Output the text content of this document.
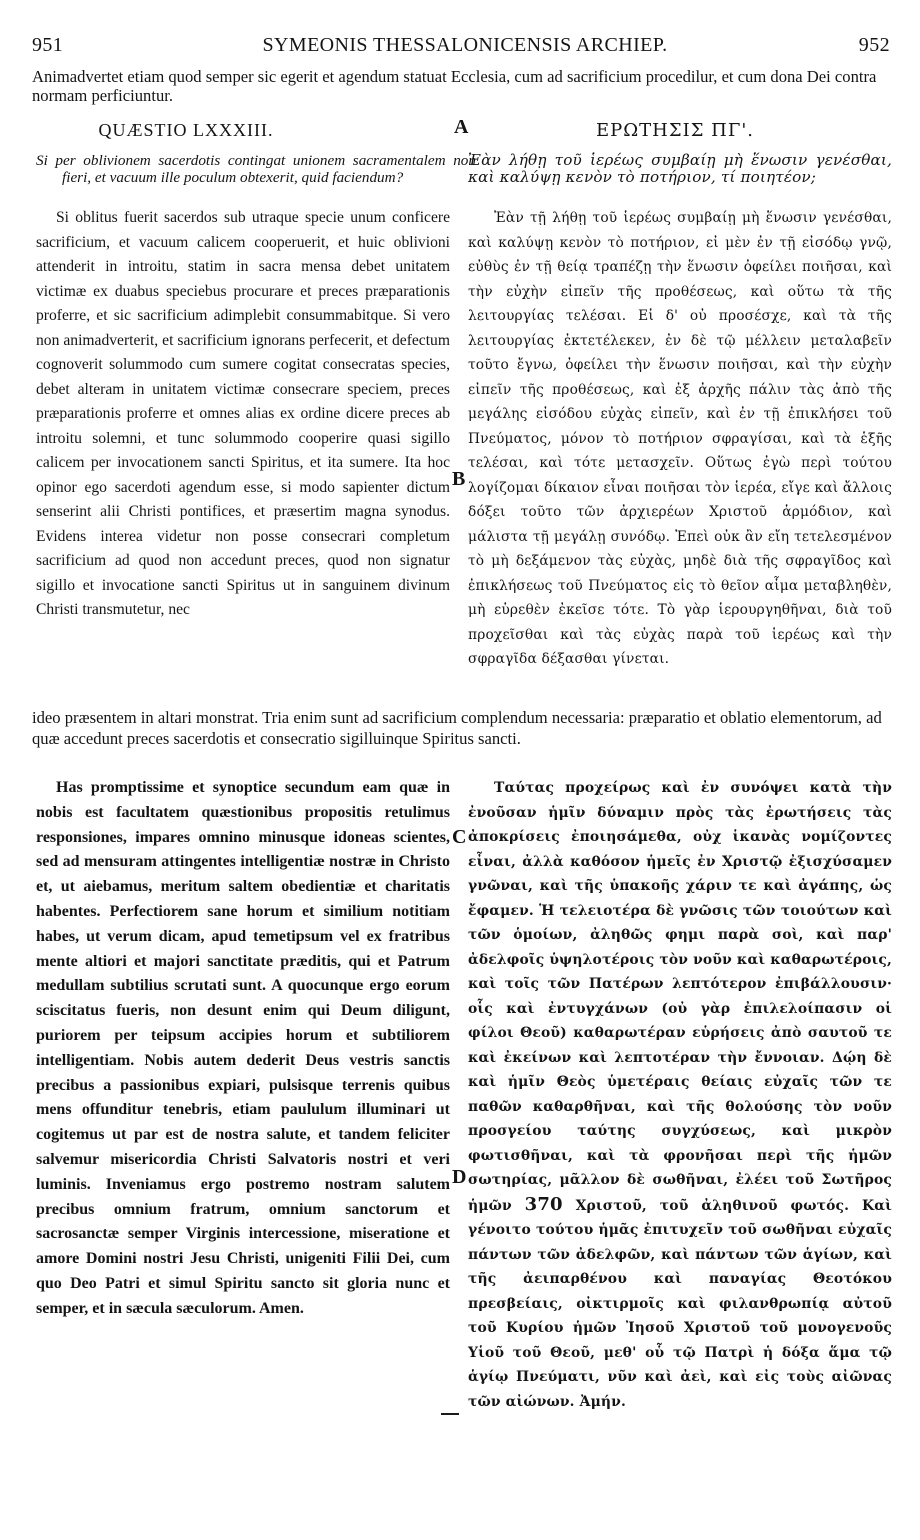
951	SYMEONIS THESSALONICENSIS ARCHIEP.	952

Animadvertet etiam quod semper sic egerit et agendum statuat Ecclesia, cum ad sacrificium procedilur, et cum dona Dei contra normam perficiuntur.

QUÆSTIO LXXXIII.	ΕΡΩΤΗΣΙΣ ΠΓ'.

Si per oblivionem sacerdotis contingat unionem sacramentalem non fieri, et vacuum ille poculum obtexerit, quid faciendum?

Ἐὰν λήθῃ τοῦ ἱερέως συμβαίῃ μὴ ἕνωσιν γενέσθαι, καὶ καλύψῃ κενὸν τὸ ποτήριον, τί ποιητέον;

Si oblitus fuerit sacerdos sub utraque specie unum conficere sacrificium, et vacuum calicem cooperuerit, et huic oblivioni attenderit in introitu, statim in sacra mensa debet unitatem victimæ ex duabus speciebus procurare et preces præparationis proferre, et sic sacrificium adimplebit consummabitque. Si vero non animadverterit, et sacrificium ignorans perfecerit, et defectum cognoverit solummodo cum sumere cogitat consecratas species, debet alteram in unitatem victimæ consecrare speciem, preces præparationis proferre et omnes alias ex ordine dicere preces ab introitu solemni, et tunc solummodo cooperire quasi sigillo calicem per invocationem sancti Spiritus, et ita sumere. Ita hoc opinor ego sacerdoti agendum esse, si modo sapienter dictum senserint alii Christi pontifices, et præsertim magna synodus. Evidens interea videtur non posse consecrari completum sacrificium ad quod non accedunt preces, quod non signatur sigillo et invocatione sancti Spiritus ut in sanguinem divinum Christi transmutetur, nec

Ἐὰν τῇ λήθῃ τοῦ ἱερέως συμβαίῃ μὴ ἕνωσιν γενέσθαι, καὶ καλύψῃ κενὸν τὸ ποτήριον, εἰ μὲν ἐν τῇ εἰσόδῳ γνῷ, εὐθὺς ἐν τῇ θείᾳ τραπέζῃ τὴν ἕνωσιν ὀφείλει ποιῆσαι, καὶ τὴν εὐχὴν εἰπεῖν τῆς προθέσεως, καὶ οὕτω τὰ τῆς λειτουργίας τελέσαι. Εἰ δ' οὐ προσέσχε, καὶ τὰ τῆς λειτουργίας ἐκτετέλεκεν, ἐν δὲ τῷ μέλλειν μεταλαβεῖν τοῦτο ἔγνω, ὀφείλει τὴν ἕνωσιν ποιῆσαι, καὶ τὴν εὐχὴν εἰπεῖν τῆς προθέσεως, καὶ ἐξ ἀρχῆς πάλιν τὰς ἀπὸ τῆς μεγάλης εἰσόδου εὐχὰς εἰπεῖν, καὶ ἐν τῇ ἐπικλήσει τοῦ Πνεύματος, μόνον τὸ ποτήριον σφραγίσαι, καὶ τὰ ἑξῆς τελέσαι, καὶ τότε μετασχεῖν. Οὕτως ἐγὼ περὶ τούτου λογίζομαι δίκαιον εἶναι ποιῆσαι τὸν ἱερέα, εἴγε καὶ ἄλλοις δόξει τοῦτο τῶν ἀρχιερέων Χριστοῦ ἁρμόδιον, καὶ μάλιστα τῇ μεγάλῃ συνόδῳ. Ἐπεὶ οὐκ ἂν εἴη τετελεσμένον τὸ μὴ δεξάμενον τὰς εὐχὰς, μηδὲ διὰ τῆς σφραγῖδος καὶ ἐπικλήσεως τοῦ Πνεύματος εἰς τὸ θεῖον αἷμα μεταβληθὲν, μὴ εὑρεθὲν ἐκεῖσε τότε. Τὸ γὰρ ἱερουργηθῆναι, διὰ τοῦ προχεῖσθαι καὶ τὰς εὐχὰς παρὰ τοῦ ἱερέως καὶ τὴν σφραγῖδα δέξασθαι γίνεται.

ideo præsentem in altari monstrat. Tria enim sunt ad sacrificium complendum necessaria: præparatio et oblatio elementorum, ad quæ accedunt preces sacerdotis et consecratio sigilluinque Spiritus sancti.

Has promptissime et synoptice secundum eam quæ in nobis est facultatem quæstionibus propositis retulimus responsiones, impares omnino minusque idoneas scientes, sed ad mensuram attingentes intelligentiæ nostræ in Christo et, ut aiebamus, meritum saltem obedientiæ et charitatis habentes. Perfectiorem sane horum et similium notitiam habes, ut verum dicam, apud temetipsum vel ex fratribus mente altiori et majori sanctitate præditis, qui et Patrum medullam subtilius scrutati sunt. A quocunque ergo eorum sciscitatus fueris, non desunt enim qui Deum diligunt, puriorem per teipsum accipies horum et subtiliorem intelligentiam. Nobis autem dederit Deus vestris sanctis precibus a passionibus expiari, pulsisque terrenis quibus mens offunditur tenebris, etiam paululum illuminari ut cogitemus ut par est de nostra salute, et tandem feliciter salvemur misericordia Christi Salvatoris nostri et veri luminis. Inveniamus ergo postremo nostram salutem precibus omnium fratrum, omnium sanctorum et sacrosanctæ semper Virginis intercessione, miseratione et amore Domini nostri Jesu Christi, unigeniti Filii Dei, cum quo Deo Patri et simul Spiritu sancto sit gloria nunc et semper, et in sæcula sæculorum. Amen.

Ταύτας προχείρως καὶ ἐν συνόψει κατὰ τὴν ἐνοῦσαν ἡμῖν δύναμιν πρὸς τὰς ἐρωτήσεις τὰς ἀποκρίσεις ἐποιησάμεθα, οὐχ ἱκανὰς νομίζοντες εἶναι, ἀλλὰ καθόσον ἡμεῖς ἐν Χριστῷ ἐξισχύσαμεν γνῶναι, καὶ τῆς ὑπακοῆς χάριν τε καὶ ἀγάπης, ὡς ἔφαμεν. Ἡ τελειοτέρα δὲ γνῶσις τῶν τοιούτων καὶ τῶν ὁμοίων, ἀληθῶς φημι παρὰ σοὶ, καὶ παρ' ἀδελφοῖς ὑψηλοτέροις τὸν νοῦν καὶ καθαρωτέροις, καὶ τοῖς τῶν Πατέρων λεπτότερον ἐπιβάλλουσιν· οἷς καὶ ἐντυγχάνων (οὐ γὰρ ἐπιλελοίπασιν οἱ φίλοι Θεοῦ) καθαρωτέραν εὑρήσεις ἀπὸ σαυτοῦ τε καὶ ἐκείνων καὶ λεπτοτέραν τὴν ἔννοιαν. Δῴη δὲ καὶ ἡμῖν Θεὸς ὑμετέραις θείαις εὐχαῖς τῶν τε παθῶν καθαρθῆναι, καὶ τῆς θολούσης τὸν νοῦν προσγείου ταύτης συγχύσεως, καὶ μικρὸν φωτισθῆναι, καὶ τὰ φρονῆσαι περὶ τῆς ἡμῶν σωτηρίας, μᾶλλον δὲ σωθῆναι, ἐλέει τοῦ Σωτῆρος ἡμῶν 370 Χριστοῦ, τοῦ ἀληθινοῦ φωτός. Καὶ γένοιτο τούτου ἡμᾶς ἐπιτυχεῖν τοῦ σωθῆναι εὐχαῖς πάντων τῶν ἀδελφῶν, καὶ πάντων τῶν ἁγίων, καὶ τῆς ἀειπαρθένου καὶ παναγίας Θεοτόκου πρεσβείαις, οἰκτιρμοῖς καὶ φιλανθρωπίᾳ αὐτοῦ τοῦ Κυρίου ἡμῶν Ἰησοῦ Χριστοῦ τοῦ μονογενοῦς Υἱοῦ τοῦ Θεοῦ, μεθ' οὗ τῷ Πατρὶ ἡ δόξα ἅμα τῷ ἁγίῳ Πνεύματι, νῦν καὶ ἀεὶ, καὶ εἰς τοὺς αἰῶνας τῶν αἰώνων. Ἀμήν.

A
B
C
D
